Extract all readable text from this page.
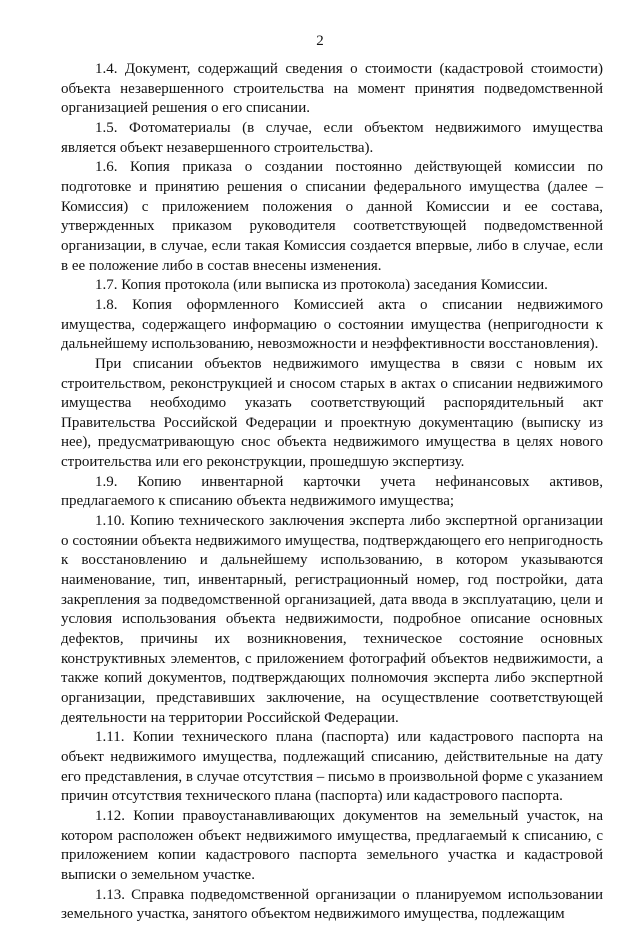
2

1.4. Документ, содержащий сведения о стоимости (кадастровой стоимости) объекта незавершенного строительства на момент принятия подведомственной организацией решения о его списании.

1.5. Фотоматериалы (в случае, если объектом недвижимого имущества является объект незавершенного строительства).

1.6. Копия приказа о создании постоянно действующей комиссии по подготовке и принятию решения о списании федерального имущества (далее – Комиссия) с приложением положения о данной Комиссии и ее состава, утвержденных приказом руководителя соответствующей подведомственной организации, в случае, если такая Комиссия создается впервые, либо в случае, если в ее положение либо в состав внесены изменения.

1.7. Копия протокола (или выписка из протокола) заседания Комиссии.

1.8. Копия оформленного Комиссией акта о списании недвижимого имущества, содержащего информацию о состоянии имущества (непригодности к дальнейшему использованию, невозможности и неэффективности восстановления).

При списании объектов недвижимого имущества в связи с новым их строительством, реконструкцией и сносом старых в актах о списании недвижимого имущества необходимо указать соответствующий распорядительный акт Правительства Российской Федерации и проектную документацию (выписку из нее), предусматривающую снос объекта недвижимого имущества в целях нового строительства или его реконструкции, прошедшую экспертизу.

1.9. Копию инвентарной карточки учета нефинансовых активов, предлагаемого к списанию объекта недвижимого имущества;

1.10. Копию технического заключения эксперта либо экспертной организации о состоянии объекта недвижимого имущества, подтверждающего его непригодность к восстановлению и дальнейшему использованию, в котором указываются наименование, тип, инвентарный, регистрационный номер, год постройки, дата закрепления за подведомственной организацией, дата ввода в эксплуатацию, цели и условия использования объекта недвижимости, подробное описание основных дефектов, причины их возникновения, техническое состояние основных конструктивных элементов, с приложением фотографий объектов недвижимости, а также копий документов, подтверждающих полномочия эксперта либо экспертной организации, представивших заключение, на осуществление соответствующей деятельности на территории Российской Федерации.

1.11. Копии технического плана (паспорта) или кадастрового паспорта на объект недвижимого имущества, подлежащий списанию, действительные на дату его представления, в случае отсутствия – письмо в произвольной форме с указанием причин отсутствия технического плана (паспорта) или кадастрового паспорта.

1.12. Копии правоустанавливающих документов на земельный участок, на котором расположен объект недвижимого имущества, предлагаемый к списанию, с приложением копии кадастрового паспорта земельного участка и кадастровой выписки о земельном участке.

1.13. Справка подведомственной организации о планируемом использовании земельного участка, занятого объектом недвижимого имущества, подлежащим
